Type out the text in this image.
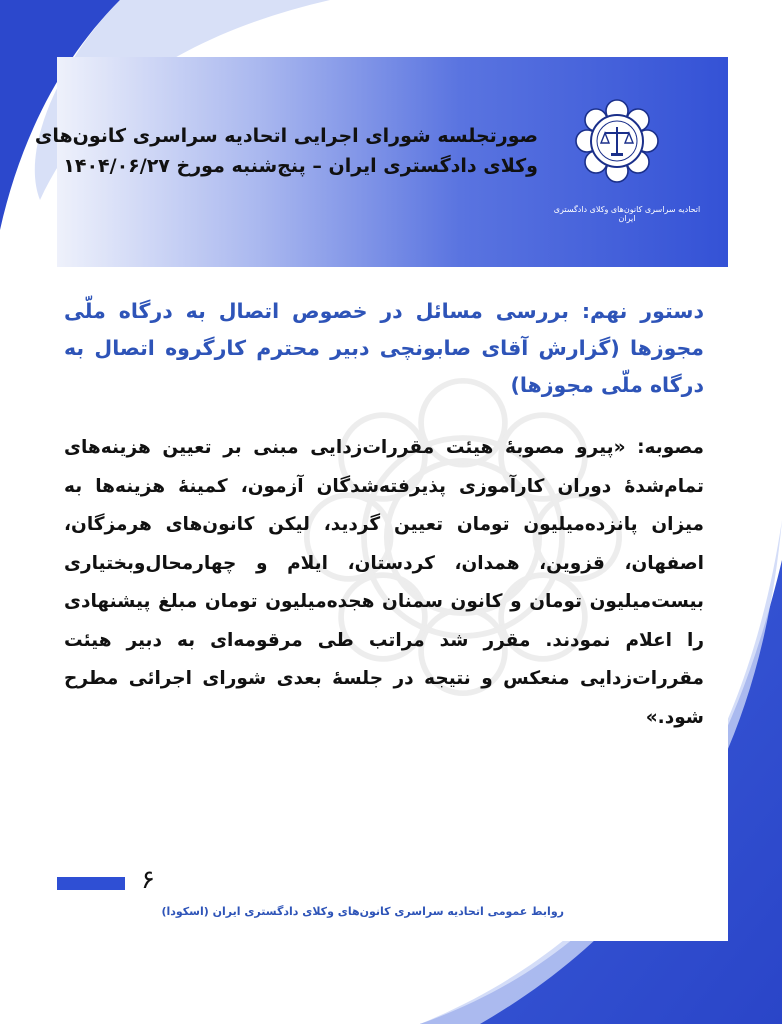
صورتجلسه شورای اجرایی اتحادیه سراسری کانون‌های
وکلای دادگستری ایران – پنج‌شنبه مورخ ۱۴۰۴/۰۶/۲۷
اتحادیه سراسری کانون‌های وکلای دادگستری ایران
دستور نهم: بررسی مسائل در خصوص اتصال به درگاه ملّی مجوزها (گزارش آقای صابونچی دبیر محترم کارگروه اتصال به درگاه ملّی مجوزها)
مصوبه: «پیرو مصوبهٔ هیئت مقررات‌زدایی مبنی بر تعیین هزینه‌های تمام‌شدهٔ دوران کارآموزی پذیرفته‌شدگان آزمون، کمینهٔ هزینه‌ها به میزان پانزده‌میلیون تومان تعیین گردید، لیکن کانون‌های هرمزگان، اصفهان، قزوین، همدان، کردستان، ایلام و چهارمحال‌وبختیاری بیست‌میلیون تومان و کانون سمنان هجده‌میلیون تومان مبلغ پیشنهادی را اعلام نمودند. مقرر شد مراتب طی مرقومه‌ای به دبیر هیئت مقررات‌زدایی منعکس و نتیجه در جلسهٔ بعدی شورای اجرائی مطرح شود.»
۶
روابط عمومی اتحادیه سراسری کانون‌های وکلای دادگستری ایران (اسکودا)
